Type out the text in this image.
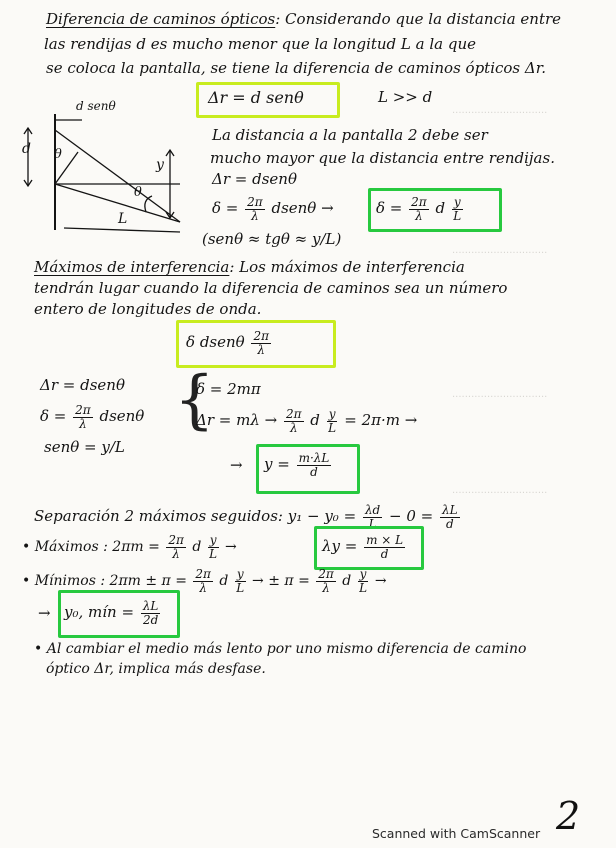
······························
······························
······························
······························
Diferencia de caminos ópticos: Considerando que la distancia entre
las rendijas d es mucho menor que la longitud L a la que
se coloca la pantalla, se tiene la diferencia de caminos ópticos Δr.
d senθ
d θ
y
θ
L
Δr = d senθ	L >> d
La distancia a la pantalla 2 debe ser
mucho mayor que la distancia entre rendijas.
Δr = dsenθ
$\delta = \frac{2\pi}{\lambda}$ dsenθ →	$\delta = \frac{2\pi}{\lambda}$ d $\frac{y}{L}$
(senθ ≈ tgθ ≈ y/L)
Máximos de interferencia: Los máximos de interferencia
tendrán lugar cuando la diferencia de caminos sea un número
entero de longitudes de onda.
δ dsenθ $\frac{2\pi}{\lambda}$
Δr = dsenθ
$\delta = \frac{2\pi}{\lambda}$ dsenθ
senθ = y/L
{
δ = 2mπ
$\Delta r = m\lambda \to \frac{2\pi}{\lambda}$ d $\frac{y}{L} = 2\pi\cdot m$ →
→ $y = \frac{m\cdot\lambda L}{d}$
Separación 2 máximos seguidos: $y_1 - y_0 = \frac{\lambda d}{L} - 0 = \frac{\lambda L}{d}$
• Máximos : $2\pi m = \frac{2\pi}{\lambda}$ d $\frac{y}{L}$ →	$\lambda y = \frac{m \times L}{d}$
• Mínimos : $2\pi m \pm \pi = \frac{2\pi}{\lambda}$ d $\frac{y}{L}$ → ± $\pi = \frac{2\pi}{\lambda}$ d $\frac{y}{L}$ →
→ y₀, mín = $\frac{\lambda L}{2d}$
• Al cambiar el medio más lento por uno mismo diferencia de camino
óptico Δr, implica más desfase.
2
Scanned with CamScanner
